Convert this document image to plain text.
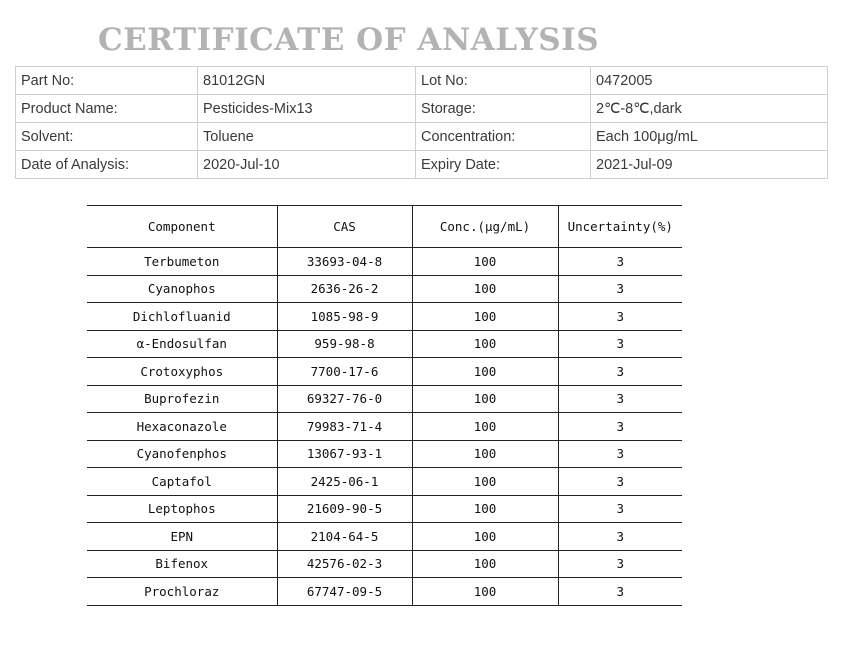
CERTIFICATE OF ANALYSIS
Part No:	81012GN	Lot No:	0472005
Product Name:	Pesticides-Mix13	Storage:	2℃-8℃,dark
Solvent:	Toluene	Concentration:	Each 100μg/mL
Date of Analysis:	2020-Jul-10	Expiry Date:	2021-Jul-09
Component	CAS	Conc.(μg/mL)	Uncertainty(%)
Terbumeton	33693-04-8	100	3
Cyanophos	2636-26-2	100	3
Dichlofluanid	1085-98-9	100	3
α-Endosulfan	959-98-8	100	3
Crotoxyphos	7700-17-6	100	3
Buprofezin	69327-76-0	100	3
Hexaconazole	79983-71-4	100	3
Cyanofenphos	13067-93-1	100	3
Captafol	2425-06-1	100	3
Leptophos	21609-90-5	100	3
EPN	2104-64-5	100	3
Bifenox	42576-02-3	100	3
Prochloraz	67747-09-5	100	3
